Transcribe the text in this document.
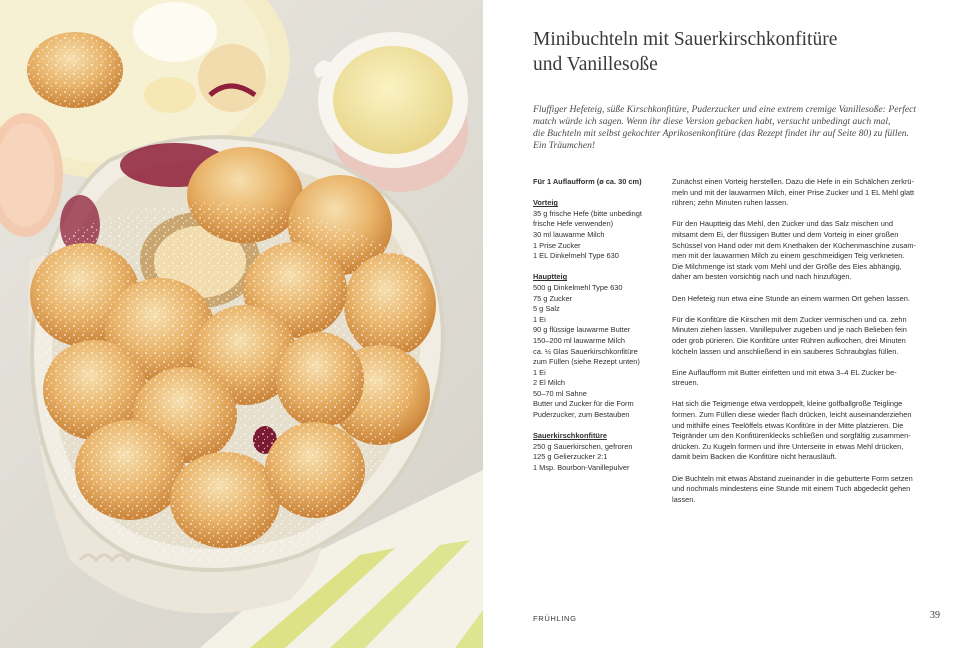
Minibuchteln mit Sauerkirschkonfitüre
und Vanillesoße
Fluffiger Hefeteig, süße Kirschkonfitüre, Puderzucker und eine extrem cremige Vanillesoße: Perfect
match würde ich sagen. Wenn ihr diese Version gebacken habt, versucht unbedingt auch mal,
die Buchteln mit selbst gekochter Aprikosenkonfitüre (das Rezept findet ihr auf Seite 80) zu füllen.
Ein Träumchen!
Für 1 Auflaufform (ø ca. 30 cm)
Vorteig
35 g frische Hefe (bitte unbedingt
frische Hefe verwenden)
30 ml lauwarme Milch
1 Prise Zucker
1 EL Dinkelmehl Type 630
Hauptteig
500 g Dinkelmehl Type 630
75 g Zucker
5 g Salz
1 Ei
90 g flüssige lauwarme Butter
150–200 ml lauwarme Milch
ca. ½ Glas Sauerkirschkonfitüre
zum Füllen (siehe Rezept unten)
1 Ei
2 El Milch
50–70 ml Sahne
Butter und Zucker für die Form
Puderzucker, zum Bestauben
Sauerkirschkonfitüre
250 g Sauerkirschen, gefroren
125 g Gelierzucker 2:1
1 Msp. Bourbon-Vanillepulver
Zunächst einen Vorteig herstellen. Dazu die Hefe in ein Schälchen zerkrü-
meln und mit der lauwarmen Milch, einer Prise Zucker und 1 EL Mehl glatt
rühren; zehn Minuten ruhen lassen.
Für den Hauptteig das Mehl, den Zucker und das Salz mischen und
mitsamt dem Ei, der flüssigen Butter und dem Vorteig in einer großen
Schüssel von Hand oder mit dem Knethaken der Küchenmaschine zusam-
men mit der lauwarmen Milch zu einem geschmeidigen Teig verkneten.
Die Milchmenge ist stark vom Mehl und der Größe des Eies abhängig,
daher am besten vorsichtig nach und nach hinzufügen.
Den Hefeteig nun etwa eine Stunde an einem warmen Ort gehen lassen.
Für die Konfitüre die Kirschen mit dem Zucker vermischen und ca. zehn
Minuten ziehen lassen. Vanillepulver zugeben und je nach Belieben fein
oder grob pürieren. Die Konfitüre unter Rühren aufkochen, drei Minuten
köcheln lassen und anschließend in ein sauberes Schraubglas füllen.
Eine Auflaufform mit Butter einfetten und mit etwa 3–4 EL Zucker be-
streuen.
Hat sich die Teigmenge etwa verdoppelt, kleine golfballgroße Teiglinge
formen. Zum Füllen diese wieder flach drücken, leicht auseinanderziehen
und mithilfe eines Teelöffels etwas Konfitüre in der Mitte platzieren. Die
Teigränder um den Konfitürenklecks schließen und sorgfältig zusammen-
drücken. Zu Kugeln formen und ihre Unterseite in etwas Mehl drücken,
damit beim Backen die Konfitüre nicht herausläuft.
Die Buchteln mit etwas Abstand zueinander in die gebutterte Form setzen
und nochmals mindestens eine Stunde mit einem Tuch abgedeckt gehen
lassen.
FRÜHLING	39
